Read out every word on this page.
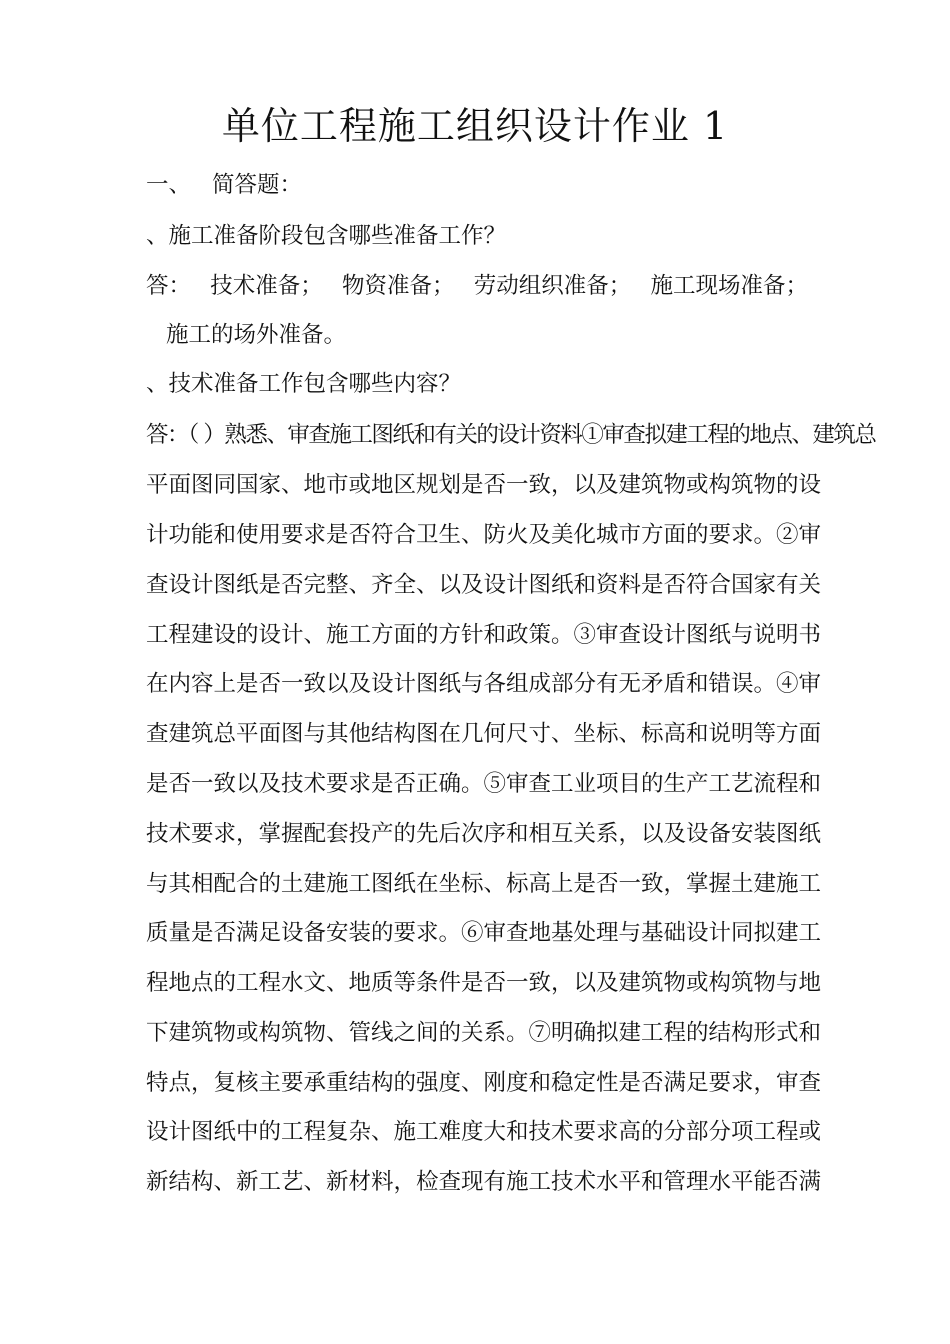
单位工程施工组织设计作业 1
一、 简答题：
、施工准备阶段包含哪些准备工作？
答： 技术准备； 物资准备； 劳动组织准备； 施工现场准备；
施工的场外准备。
、技术准备工作包含哪些内容？
答：（ ）熟悉、审查施工图纸和有关的设计资料①审查拟建工程的地点、建筑总
平面图同国家、地市或地区规划是否一致，以及建筑物或构筑物的设
计功能和使用要求是否符合卫生、防火及美化城市方面的要求。②审
查设计图纸是否完整、齐全、以及设计图纸和资料是否符合国家有关
工程建设的设计、施工方面的方针和政策。③审查设计图纸与说明书
在内容上是否一致以及设计图纸与各组成部分有无矛盾和错误。④审
查建筑总平面图与其他结构图在几何尺寸、坐标、标高和说明等方面
是否一致以及技术要求是否正确。⑤审查工业项目的生产工艺流程和
技术要求，掌握配套投产的先后次序和相互关系，以及设备安装图纸
与其相配合的土建施工图纸在坐标、标高上是否一致，掌握土建施工
质量是否满足设备安装的要求。⑥审查地基处理与基础设计同拟建工
程地点的工程水文、地质等条件是否一致，以及建筑物或构筑物与地
下建筑物或构筑物、管线之间的关系。⑦明确拟建工程的结构形式和
特点，复核主要承重结构的强度、刚度和稳定性是否满足要求，审查
设计图纸中的工程复杂、施工难度大和技术要求高的分部分项工程或
新结构、新工艺、新材料，检查现有施工技术水平和管理水平能否满
